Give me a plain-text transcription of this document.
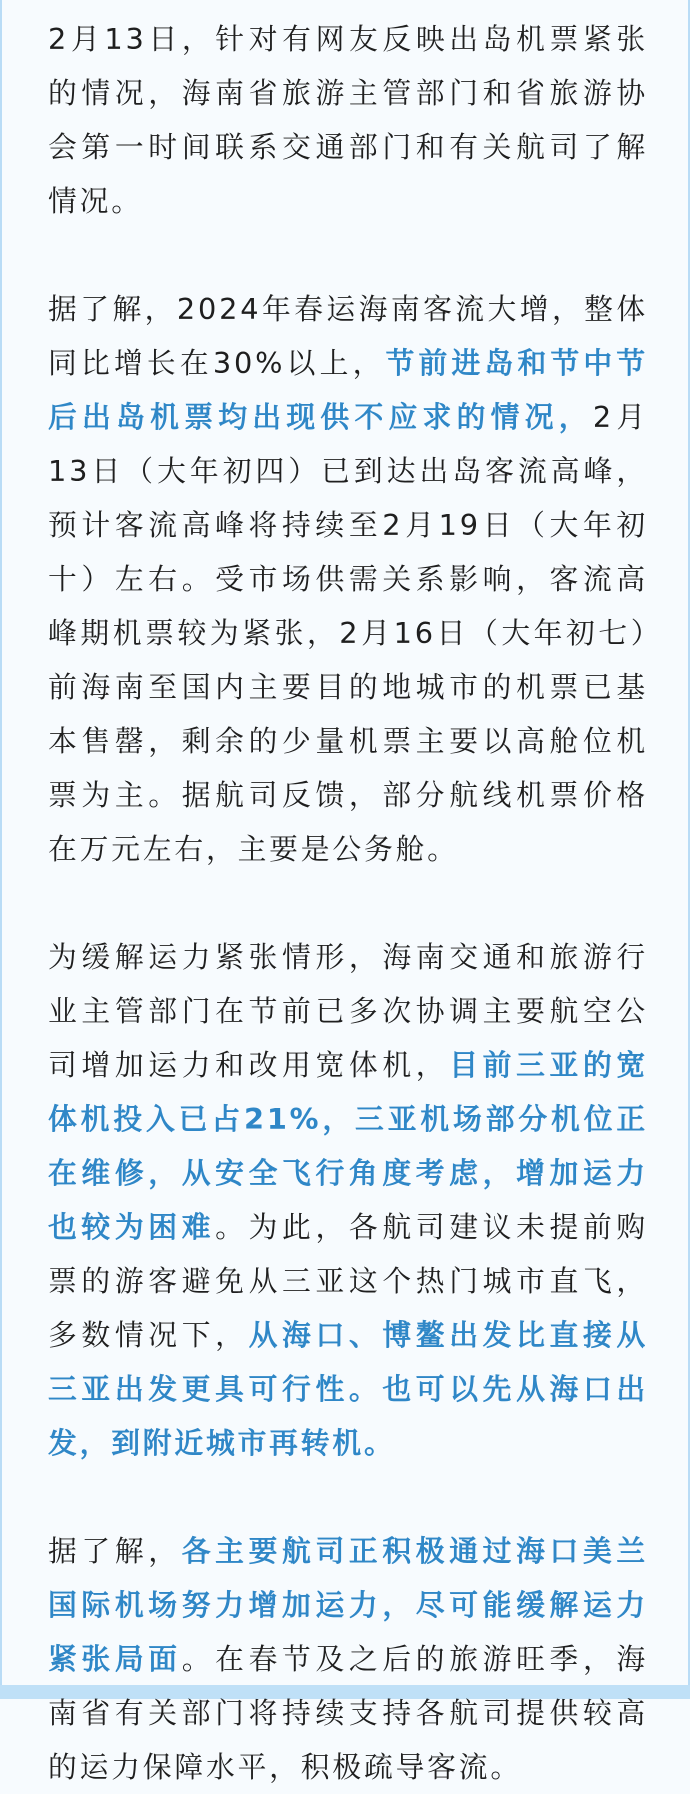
2月13日，针对有网友反映出岛机票紧张的情况，海南省旅游主管部门和省旅游协会第一时间联系交通部门和有关航司了解情况。

据了解，2024年春运海南客流大增，整体同比增长在30%以上，节前进岛和节中节后出岛机票均出现供不应求的情况，2月13日（大年初四）已到达出岛客流高峰，预计客流高峰将持续至2月19日（大年初十）左右。受市场供需关系影响，客流高峰期机票较为紧张，2月16日（大年初七）前海南至国内主要目的地城市的机票已基本售罄，剩余的少量机票主要以高舱位机票为主。据航司反馈，部分航线机票价格在万元左右，主要是公务舱。

为缓解运力紧张情形，海南交通和旅游行业主管部门在节前已多次协调主要航空公司增加运力和改用宽体机，目前三亚的宽体机投入已占21%，三亚机场部分机位正在维修，从安全飞行角度考虑，增加运力也较为困难。为此，各航司建议未提前购票的游客避免从三亚这个热门城市直飞，多数情况下，从海口、博鳌出发比直接从三亚出发更具可行性。也可以先从海口出发，到附近城市再转机。

据了解，各主要航司正积极通过海口美兰国际机场努力增加运力，尽可能缓解运力紧张局面。在春节及之后的旅游旺季，海南省有关部门将持续支持各航司提供较高的运力保障水平，积极疏导客流。
